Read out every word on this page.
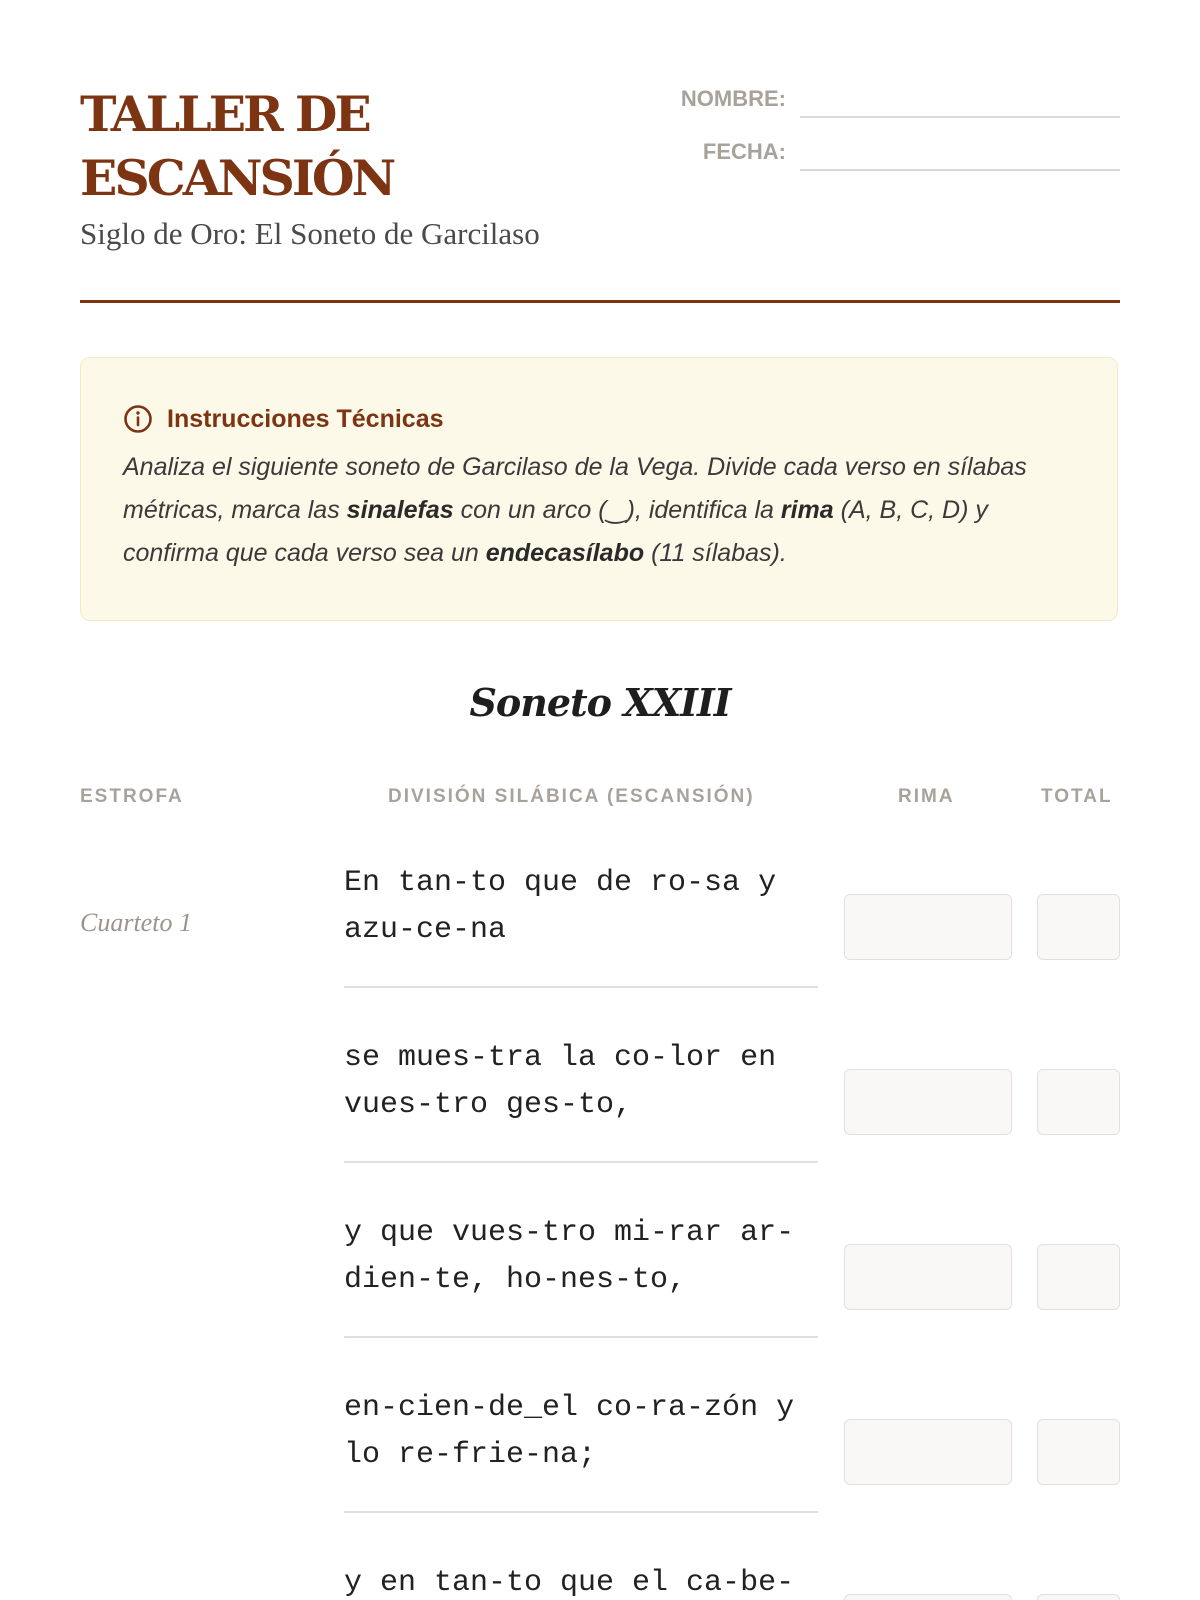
TALLER DE ESCANSIÓN

Siglo de Oro: El Soneto de Garcilaso

NOMBRE:
FECHA:
Instrucciones Técnicas

Analiza el siguiente soneto de Garcilaso de la Vega. Divide cada verso en sílabas métricas, marca las sinalefas con un arco (‿), identifica la rima (A, B, C, D) y confirma que cada verso sea un endecasílabo (11 sílabas).

Soneto XXIII
ESTROFA	DIVISIÓN SILÁBICA (ESCANSIÓN)	RIMA	TOTAL
Cuarteto 1

En tan-to que de ro-sa y azu-ce-na

se mues-tra la co-lor en vues-tro ges-to,

y que vues-tro mi-rar ar-dien-te, ho-nes-to,

en-cien-de_el co-ra-zón y lo re-frie-na;

y en tan-to que el ca-be-
